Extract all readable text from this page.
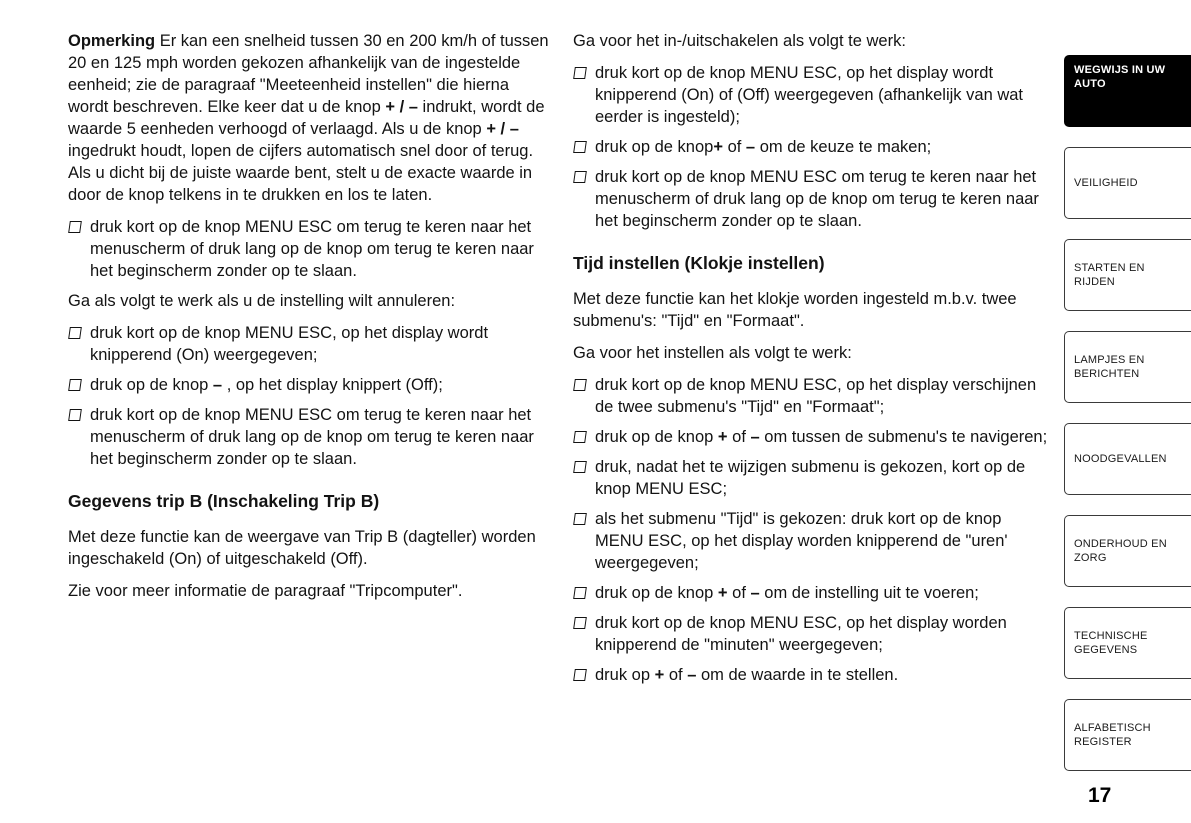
Opmerking Er kan een snelheid tussen 30 en 200 km/h of tussen 20 en 125 mph worden gekozen afhankelijk van de ingestelde eenheid; zie de paragraaf "Meeteenheid instellen" die hierna wordt beschreven. Elke keer dat u de knop + / – indrukt, wordt de waarde 5 eenheden verhoogd of verlaagd. Als u de knop + / – ingedrukt houdt, lopen de cijfers automatisch snel door of terug. Als u dicht bij de juiste waarde bent, stelt u de exacte waarde in door de knop telkens in te drukken en los te laten.
druk kort op de knop MENU ESC om terug te keren naar het menuscherm of druk lang op de knop om terug te keren naar het beginscherm zonder op te slaan.
Ga als volgt te werk als u de instelling wilt annuleren:
druk kort op de knop MENU ESC, op het display wordt knipperend (On) weergegeven;
druk op de knop – , op het display knippert (Off);
druk kort op de knop MENU ESC om terug te keren naar het menuscherm of druk lang op de knop om terug te keren naar het beginscherm zonder op te slaan.
Gegevens trip B (Inschakeling Trip B)
Met deze functie kan de weergave van Trip B (dagteller) worden ingeschakeld (On) of uitgeschakeld (Off).
Zie voor meer informatie de paragraaf "Tripcomputer".
Ga voor het in-/uitschakelen als volgt te werk:
druk kort op de knop MENU ESC, op het display wordt knipperend (On) of (Off) weergegeven (afhankelijk van wat eerder is ingesteld);
druk op de knop+ of – om de keuze te maken;
druk kort op de knop MENU ESC om terug te keren naar het menuscherm of druk lang op de knop om terug te keren naar het beginscherm zonder op te slaan.
Tijd instellen (Klokje instellen)
Met deze functie kan het klokje worden ingesteld m.b.v. twee submenu's: "Tijd" en "Formaat".
Ga voor het instellen als volgt te werk:
druk kort op de knop MENU ESC, op het display verschijnen de twee submenu's "Tijd" en "Formaat";
druk op de knop + of – om tussen de submenu's te navigeren;
druk, nadat het te wijzigen submenu is gekozen, kort op de knop MENU ESC;
als het submenu "Tijd" is gekozen: druk kort op de knop MENU ESC, op het display worden knipperend de "uren' weergegeven;
druk op de knop + of – om de instelling uit te voeren;
druk kort op de knop MENU ESC, op het display worden knipperend de "minuten" weergegeven;
druk op + of – om de waarde in te stellen.
WEGWIJS IN UW AUTO
VEILIGHEID
STARTEN EN RIJDEN
LAMPJES EN BERICHTEN
NOODGEVALLEN
ONDERHOUD EN ZORG
TECHNISCHE GEGEVENS
ALFABETISCH REGISTER
17
